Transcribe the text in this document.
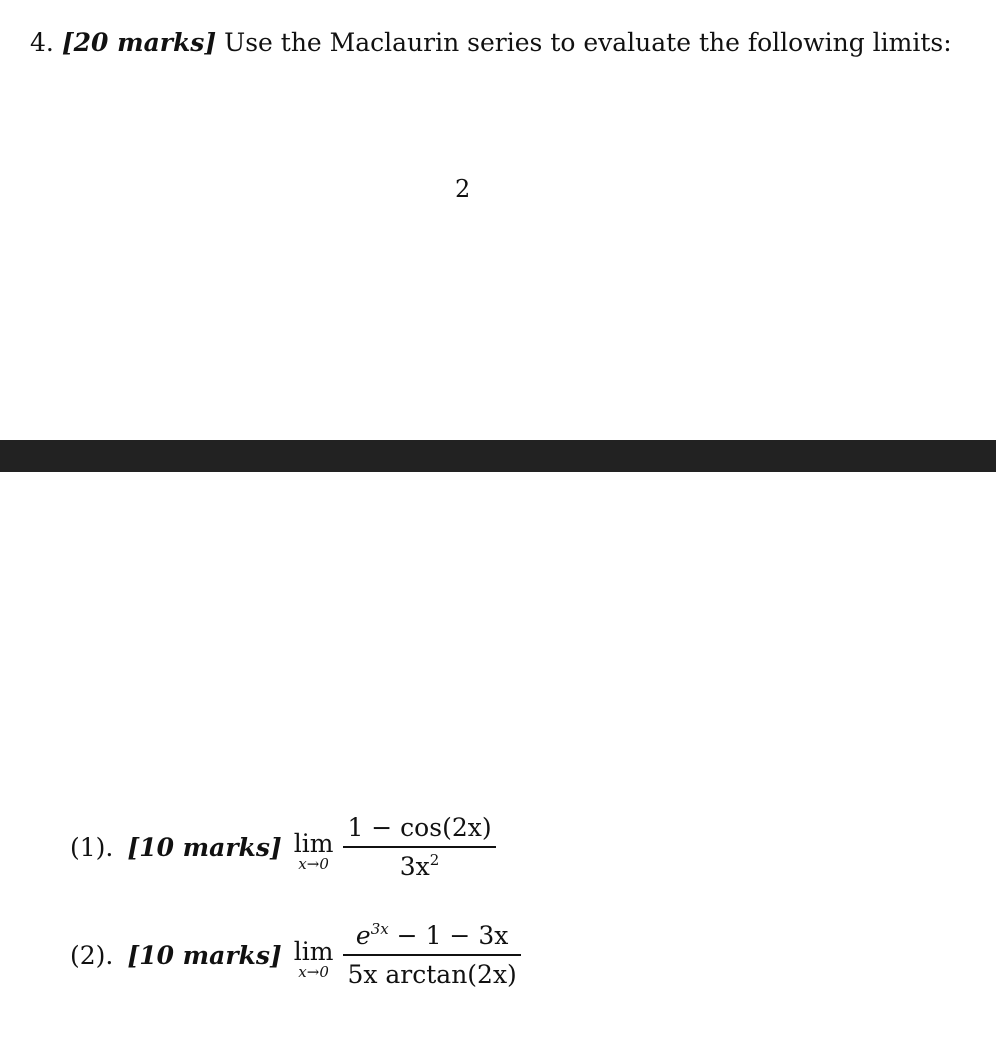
4. [20 marks] Use the Maclaurin series to evaluate the following limits:
2
(1). [10 marks] lim
$x\to 0 \frac{1 - \cos(2x)}{3x^2}$
(2). [10 marks] lim
$x\to 0 \frac{e^{3x} - 1 - 3x}{\text{5x arctan(2x)}}$
